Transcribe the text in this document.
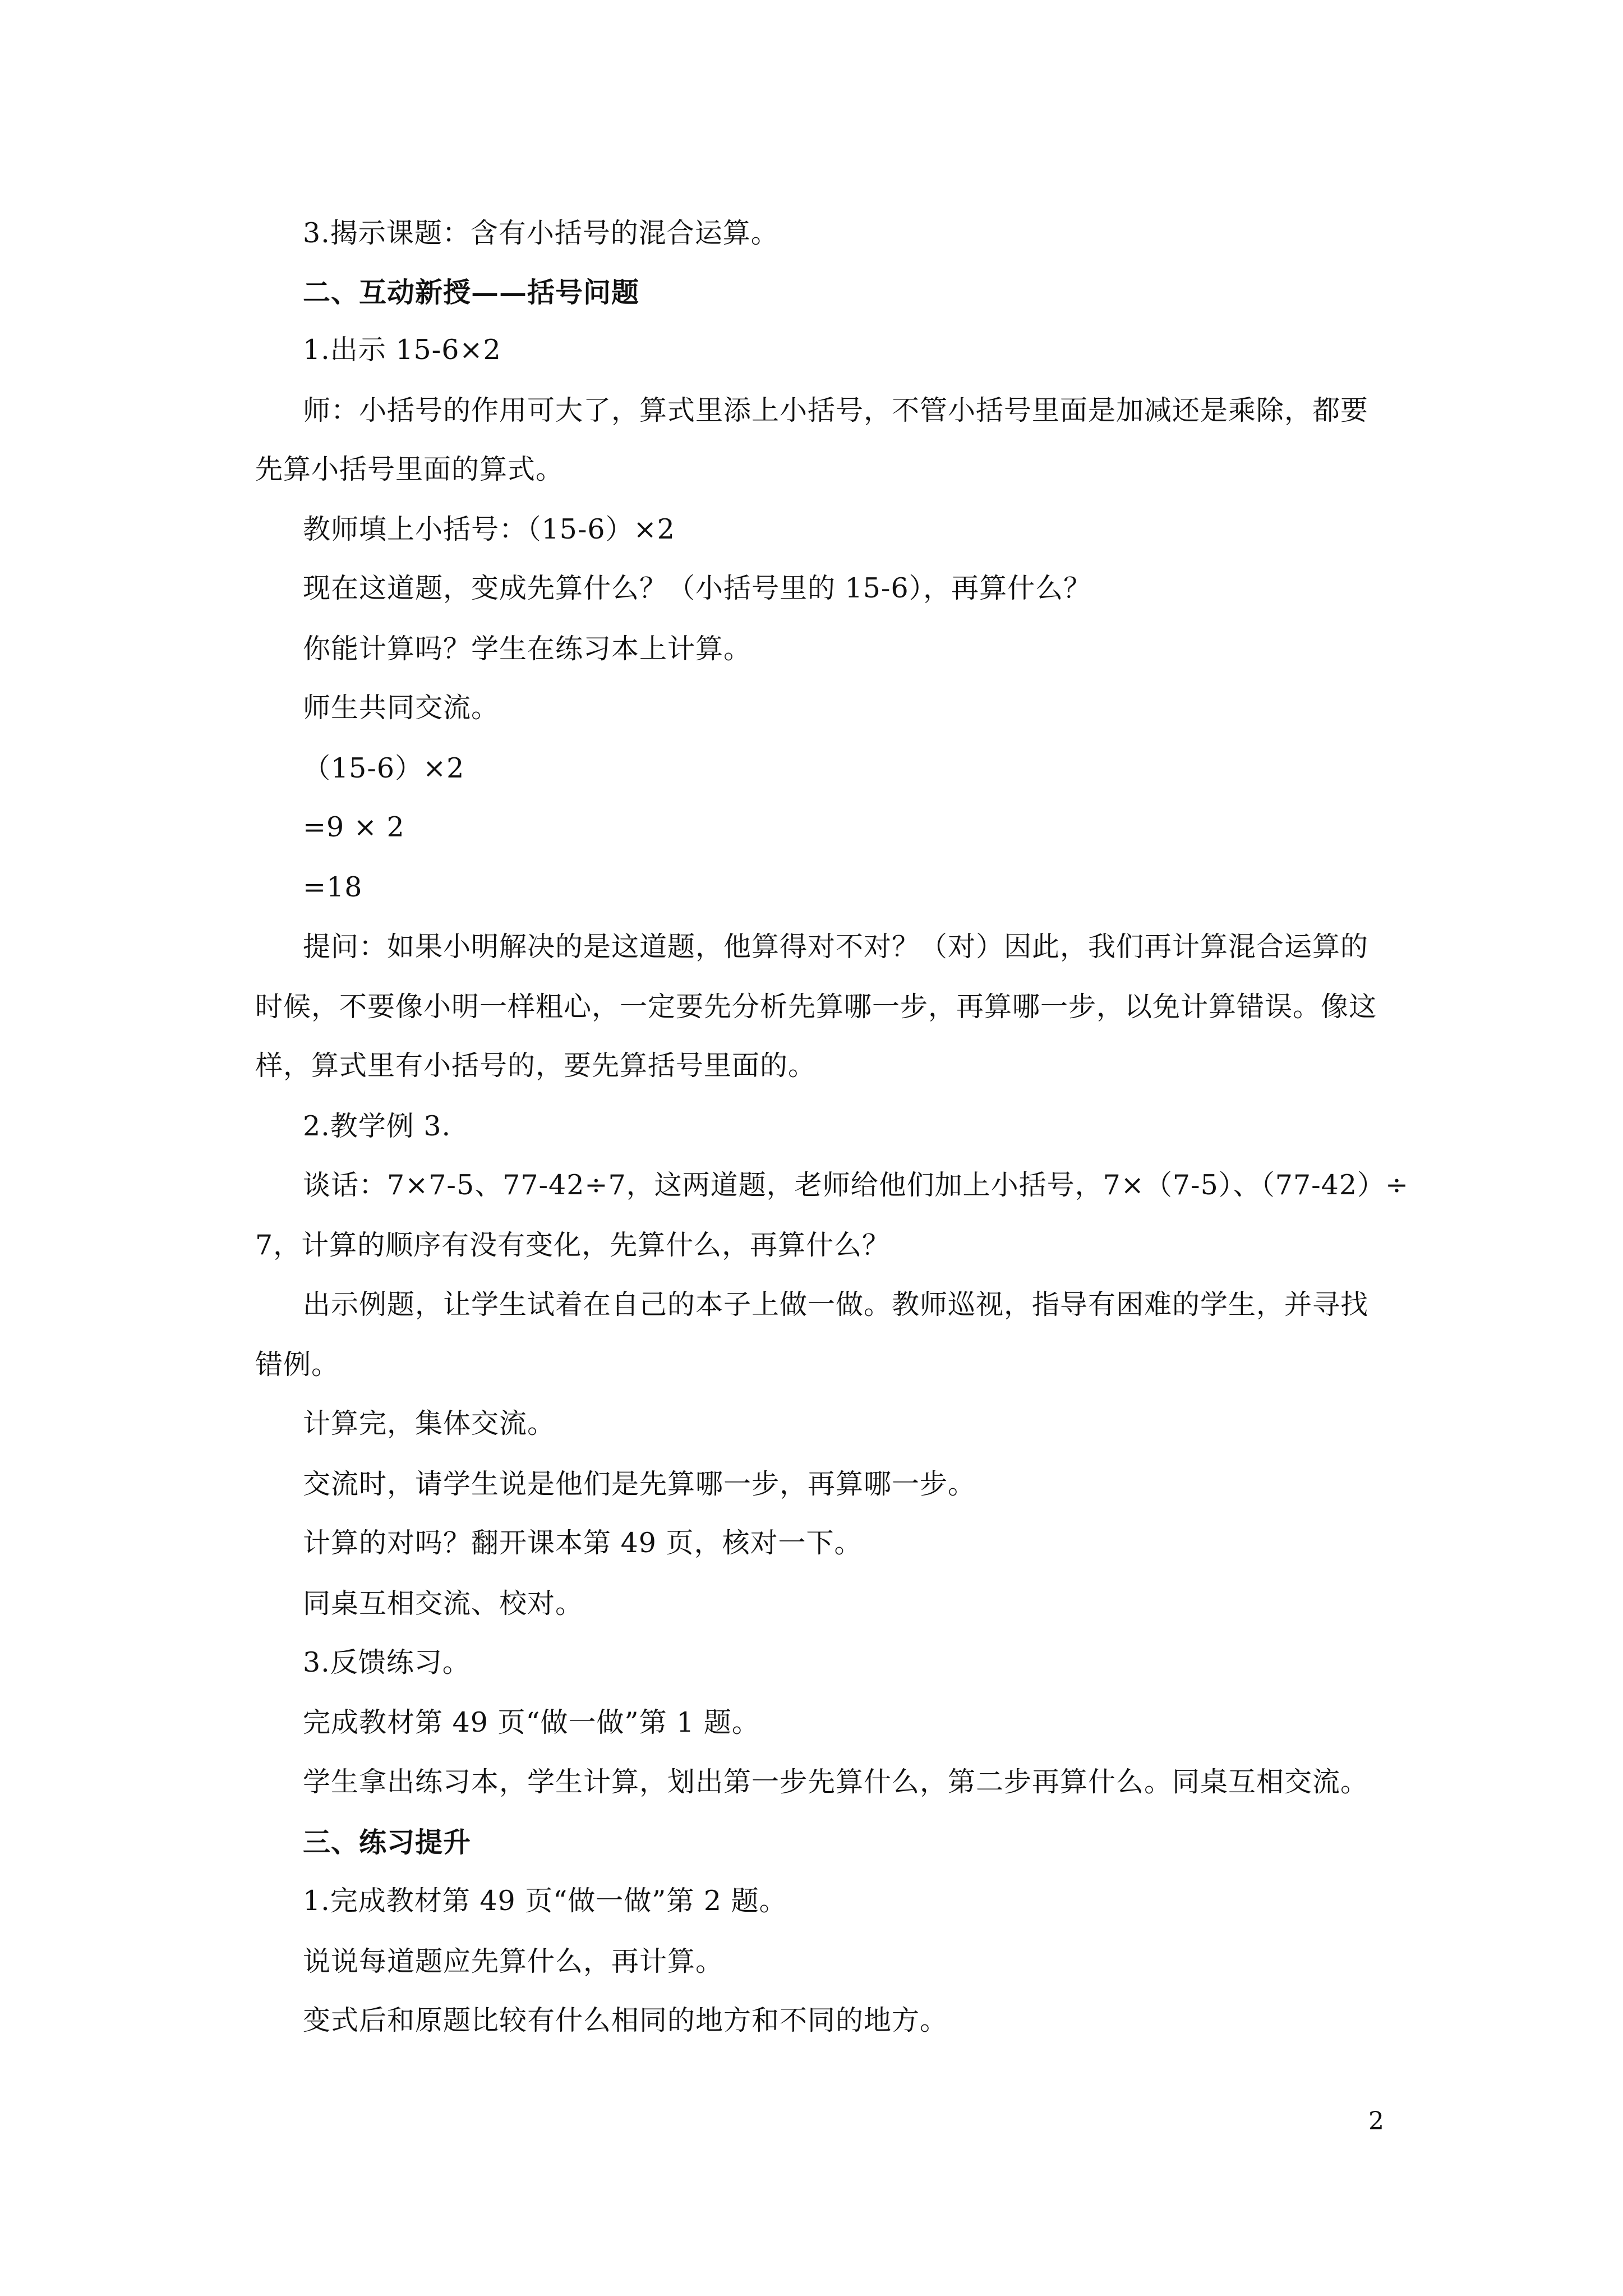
3.揭示课题：含有小括号的混合运算。
二、互动新授——括号问题
1.出示 15-6×2
师：小括号的作用可大了，算式里添上小括号，不管小括号里面是加减还是乘除，都要
先算小括号里面的算式。
教师填上小括号：（15-6）×2
现在这道题，变成先算什么？（小括号里的 15-6），再算什么？
你能计算吗？学生在练习本上计算。
师生共同交流。
（15-6）×2
=9 × 2
=18
提问：如果小明解决的是这道题，他算得对不对？（对）因此，我们再计算混合运算的
时候，不要像小明一样粗心，一定要先分析先算哪一步，再算哪一步，以免计算错误。像这
样，算式里有小括号的，要先算括号里面的。
2.教学例 3.
谈话：7×7-5、77-42÷7，这两道题，老师给他们加上小括号，7×（7-5）、（77-42）÷
7，计算的顺序有没有变化，先算什么，再算什么？
出示例题，让学生试着在自己的本子上做一做。教师巡视，指导有困难的学生，并寻找
错例。
计算完，集体交流。
交流时，请学生说是他们是先算哪一步，再算哪一步。
计算的对吗？翻开课本第 49 页，核对一下。
同桌互相交流、校对。
3.反馈练习。
完成教材第 49 页“做一做”第 1 题。
学生拿出练习本，学生计算，划出第一步先算什么，第二步再算什么。同桌互相交流。
三、练习提升
1.完成教材第 49 页“做一做”第 2 题。
说说每道题应先算什么，再计算。
变式后和原题比较有什么相同的地方和不同的地方。
2
